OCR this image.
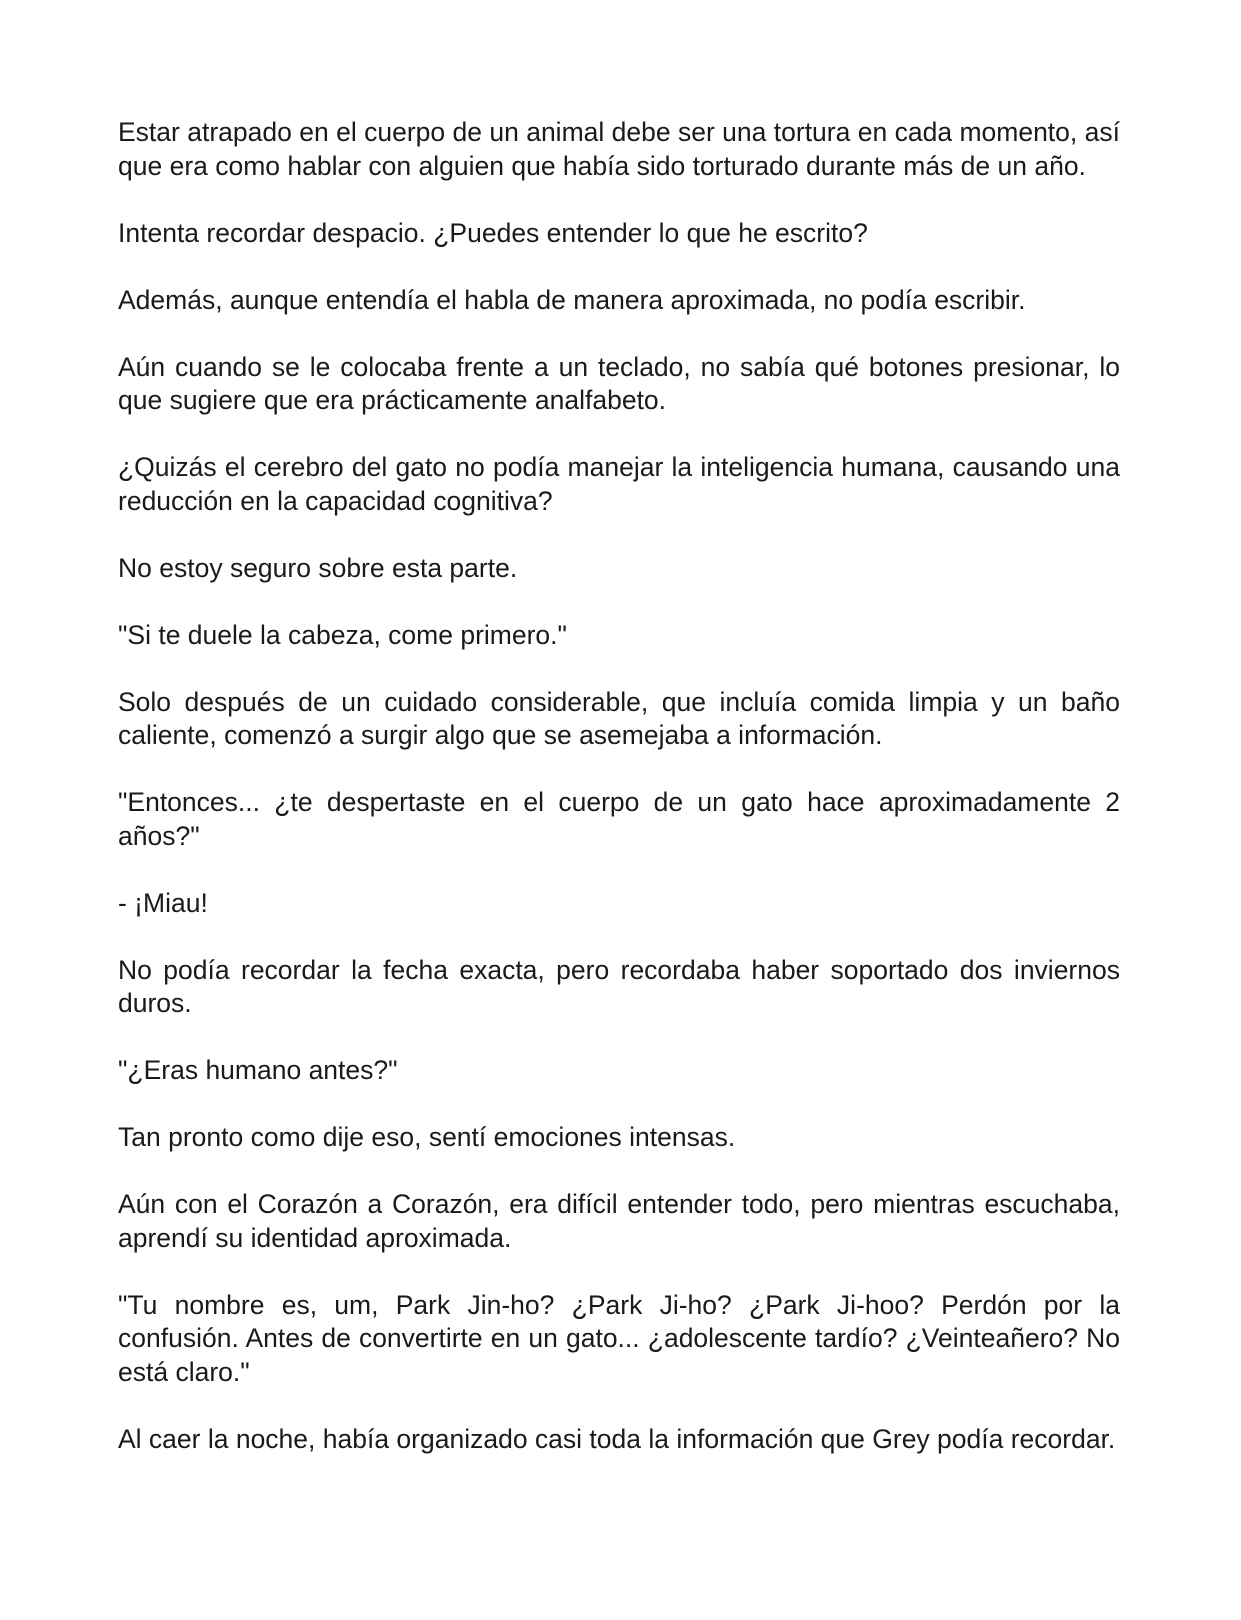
Estar atrapado en el cuerpo de un animal debe ser una tortura en cada momento, así que era como hablar con alguien que había sido torturado durante más de un año.

Intenta recordar despacio. ¿Puedes entender lo que he escrito?

Además, aunque entendía el habla de manera aproximada, no podía escribir.

Aún cuando se le colocaba frente a un teclado, no sabía qué botones presionar, lo que sugiere que era prácticamente analfabeto.

¿Quizás el cerebro del gato no podía manejar la inteligencia humana, causando una reducción en la capacidad cognitiva?

No estoy seguro sobre esta parte.

"Si te duele la cabeza, come primero."

Solo después de un cuidado considerable, que incluía comida limpia y un baño caliente, comenzó a surgir algo que se asemejaba a información.

"Entonces... ¿te despertaste en el cuerpo de un gato hace aproximadamente 2 años?"

- ¡Miau!

No podía recordar la fecha exacta, pero recordaba haber soportado dos inviernos duros.

"¿Eras humano antes?"

Tan pronto como dije eso, sentí emociones intensas.

Aún con el Corazón a Corazón, era difícil entender todo, pero mientras escuchaba, aprendí su identidad aproximada.

"Tu nombre es, um, Park Jin-ho? ¿Park Ji-ho? ¿Park Ji-hoo? Perdón por la confusión. Antes de convertirte en un gato... ¿adolescente tardío? ¿Veinteañero? No está claro."

Al caer la noche, había organizado casi toda la información que Grey podía recordar.
